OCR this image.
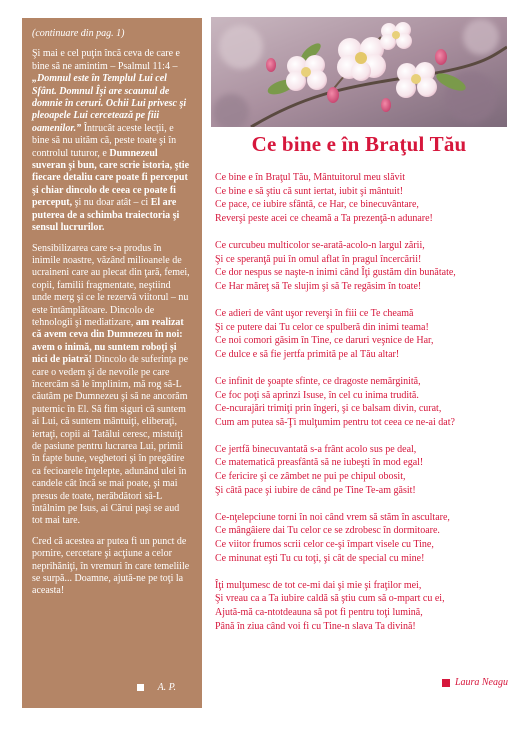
(continuare din pag. 1)

Şi mai e cel puţin încă ceva de care e bine să ne amintim – Psalmul 11:4 – „Domnul este în Templul Lui cel Sfânt. Domnul Îşi are scaunul de domnie în ceruri. Ochii Lui privesc şi pleoapele Lui cercetează pe fiii oamenilor.” Întrucât aceste lecţii, e bine să nu uităm că, peste toate şi în controlul tuturor, e Dumnezeul suveran şi bun, care scrie istoria, ştie fiecare detaliu care poate fi perceput şi chiar dincolo de ceea ce poate fi perceput, şi nu doar atât – ci El are puterea de a schimba traiectoria şi sensul lucrurilor.

Sensibilizarea care s-a produs în inimile noastre, văzând milioanele de ucraineni care au plecat din ţară, femei, copii, familii fragmentate, neştiind unde merg şi ce le rezervă viitorul – nu este întâmplătoare. Dincolo de tehnologii şi mediatizare, am realizat că avem ceva din Dumnezeu în noi: avem o inimă, nu suntem roboţi şi nici de piatră! Dincolo de suferinţa pe care o vedem şi de nevoile pe care încercăm să le împlinim, mă rog să-L căutăm pe Dumnezeu şi să ne ancorăm puternic în El. Să fim siguri că suntem ai Lui, că suntem mântuiţi, eliberaţi, iertaţi, copii ai Tatălui ceresc, mistuiţi de pasiune pentru lucrarea Lui, primii în fapte bune, veghetori şi în pregătire ca fecioarele înţelepte, adunând ulei în candele cât încă se mai poate, şi mai presus de toate, nerăbdători să-L întâlnim pe Isus, ai Cărui paşi se aud tot mai tare.

Cred că acestea ar putea fi un punct de pornire, cercetare şi acţiune a celor neprihăniţi, în vremuri în care temeliile se surpă... Doamne, ajută-ne pe toţi la aceasta!

A. P.
Ce bine e în Braţul Tău
Ce bine e în Braţul Tău, Mântuitorul meu slăvit
Ce bine e să ştiu că sunt iertat, iubit şi mântuit!
Ce pace, ce iubire sfântă, ce Har, ce binecuvântare,
Reverşi peste acei ce cheamă a Ta prezenţă-n adunare!
Ce curcubeu multicolor se-arată-acolo-n largul zării,
Şi ce speranţă pui în omul aflat în pragul încercării!
Ce dor nespus se naşte-n inimi când Îţi gustăm din bunătate,
Ce Har măreţ să Te slujim şi să Te regăsim în toate!
Ce adieri de vânt uşor reverşi în fiii ce Te cheamă
Şi ce putere dai Tu celor ce spulberă din inimi teama!
Ce noi comori găsim în Tine, ce daruri veşnice de Har,
Ce dulce e să fie jertfa primită pe al Tău altar!
Ce infinit de şoapte sfinte, ce dragoste nemărginită,
Ce foc poţi să aprinzi Isuse, în cel cu inima trudită.
Ce-ncurajări trimiţi prin îngeri, şi ce balsam divin, curat,
Cum am putea să-Ţi mulţumim pentru tot ceea ce ne-ai dat?
Ce jertfă binecuvantată s-a frânt acolo sus pe deal,
Ce matematică preasfântă să ne iubeşti în mod egal!
Ce fericire şi ce zâmbet ne pui pe chipul obosit,
Şi câtă pace şi iubire de când pe Tine Te-am găsit!
Ce-nţelepciune torni în noi când vrem să stăm în ascultare,
Ce mângâiere dai Tu celor ce se zdrobesc în dormitoare.
Ce viitor frumos scrii celor ce-şi împart visele cu Tine,
Ce minunat eşti Tu cu toţi, şi cât de special cu mine!
Îţi mulţumesc de tot ce-mi dai şi mie şi fraţilor mei,
Şi vreau ca a Ta iubire caldă să ştiu cum să o-mpart cu ei,
Ajută-mă ca-ntotdeauna să pot fi pentru toţi lumină,
Până în ziua când voi fi cu Tine-n slava Ta divină!
Laura Neagu
